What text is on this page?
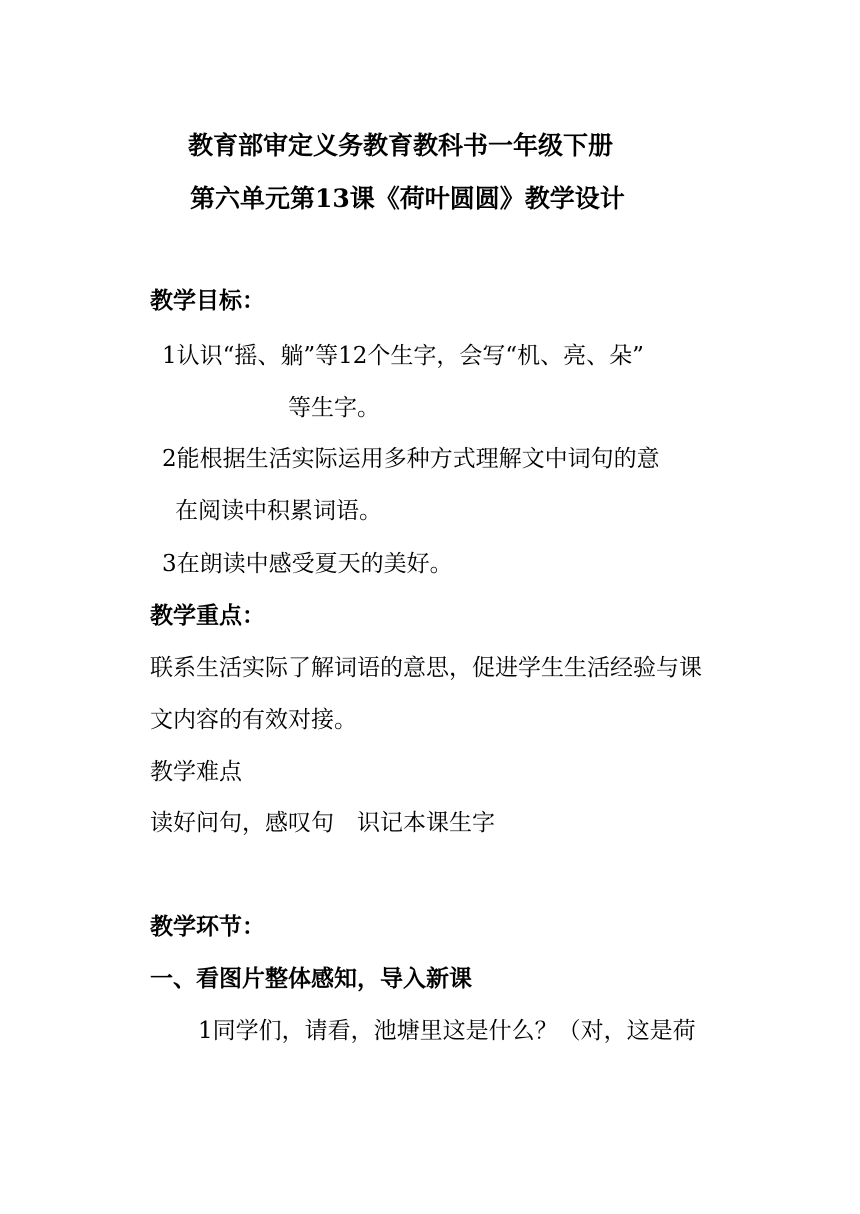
教育部审定义务教育教科书一年级下册
第六单元第13课《荷叶圆圆》教学设计
教学目标：
1认识“摇、躺”等12个生字，会写“机、亮、朵”
等生字。
2能根据生活实际运用多种方式理解文中词句的意
在阅读中积累词语。
3在朗读中感受夏天的美好。
教学重点：
联系生活实际了解词语的意思，促进学生生活经验与课
文内容的有效对接。
教学难点
读好问句，感叹句　识记本课生字
教学环节：
一、看图片整体感知，导入新课
1同学们，请看，池塘里这是什么？（对，这是荷
